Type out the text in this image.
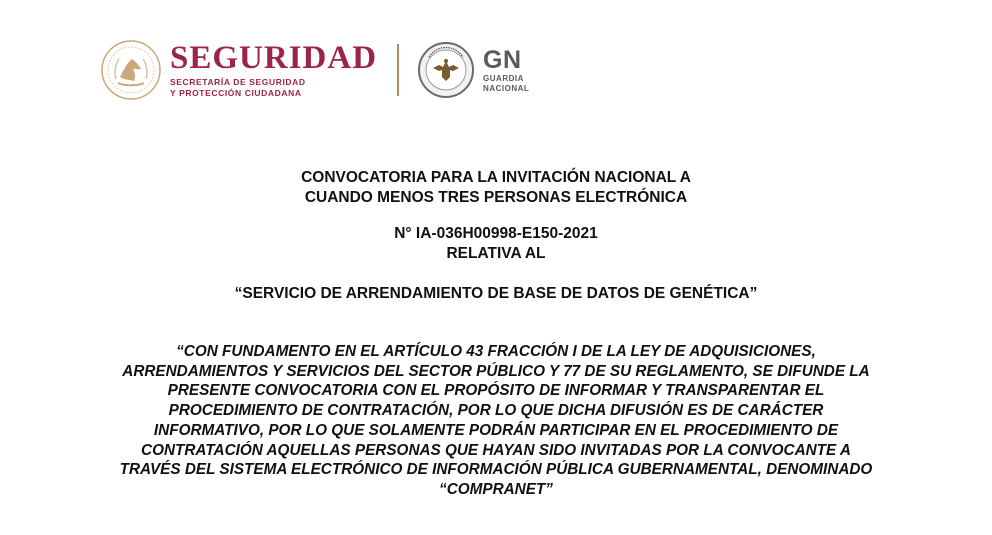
SEGURIDAD
SECRETARÍA DE SEGURIDAD
Y PROTECCIÓN CIUDADANA
GN
GUARDIA
NACIONAL
CONVOCATORIA PARA LA INVITACIÓN NACIONAL A
CUANDO MENOS TRES PERSONAS ELECTRÓNICA
N° IA-036H00998-E150-2021
RELATIVA AL
“SERVICIO DE ARRENDAMIENTO DE BASE DE DATOS DE GENÉTICA”
“CON FUNDAMENTO EN EL ARTÍCULO 43 FRACCIÓN I DE LA LEY DE ADQUISICIONES,
ARRENDAMIENTOS Y SERVICIOS DEL SECTOR PÚBLICO Y 77 DE SU REGLAMENTO, SE DIFUNDE LA
PRESENTE CONVOCATORIA CON EL PROPÓSITO DE INFORMAR Y TRANSPARENTAR EL
PROCEDIMIENTO DE CONTRATACIÓN, POR LO QUE DICHA DIFUSIÓN ES DE CARÁCTER
INFORMATIVO, POR LO QUE SOLAMENTE PODRÁN PARTICIPAR EN EL PROCEDIMIENTO DE
CONTRATACIÓN AQUELLAS PERSONAS QUE HAYAN SIDO INVITADAS POR LA CONVOCANTE A
TRAVÉS DEL SISTEMA ELECTRÓNICO DE INFORMACIÓN PÚBLICA GUBERNAMENTAL, DENOMINADO
“COMPRANET”
